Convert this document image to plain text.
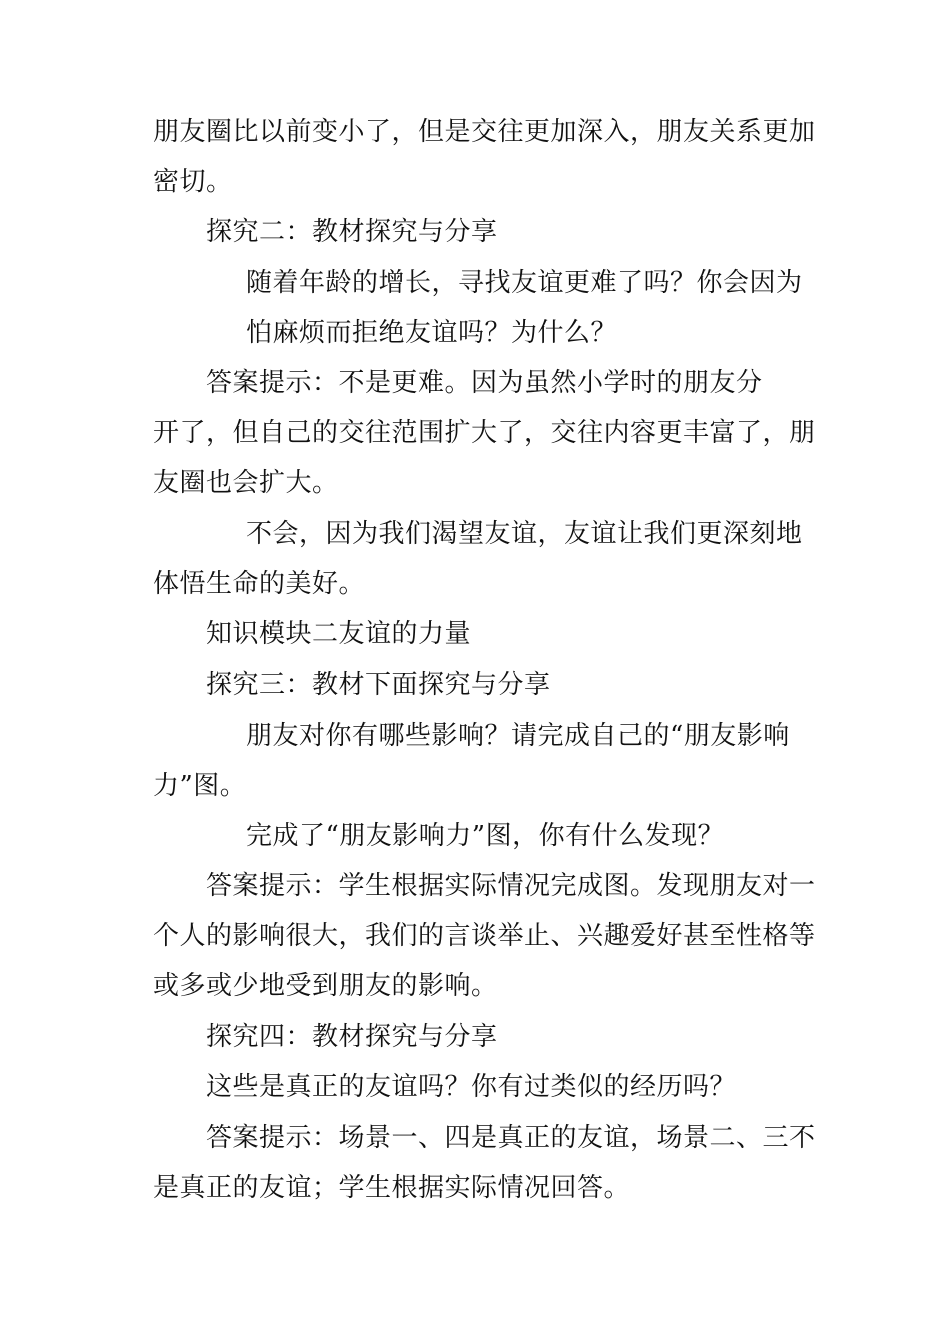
朋友圈比以前变小了，但是交往更加深入，朋友关系更加
密切。
探究二：教材探究与分享
随着年龄的增长，寻找友谊更难了吗？你会因为
怕麻烦而拒绝友谊吗？为什么？
答案提示：不是更难。因为虽然小学时的朋友分
开了，但自己的交往范围扩大了，交往内容更丰富了，朋
友圈也会扩大。
不会，因为我们渴望友谊，友谊让我们更深刻地
体悟生命的美好。
知识模块二友谊的力量
探究三：教材下面探究与分享
朋友对你有哪些影响？请完成自己的“朋友影响
力”图。
完成了“朋友影响力”图，你有什么发现？
答案提示：学生根据实际情况完成图。发现朋友对一
个人的影响很大，我们的言谈举止、兴趣爱好甚至性格等
或多或少地受到朋友的影响。
探究四：教材探究与分享
这些是真正的友谊吗？你有过类似的经历吗？
答案提示：场景一、四是真正的友谊，场景二、三不
是真正的友谊；学生根据实际情况回答。
